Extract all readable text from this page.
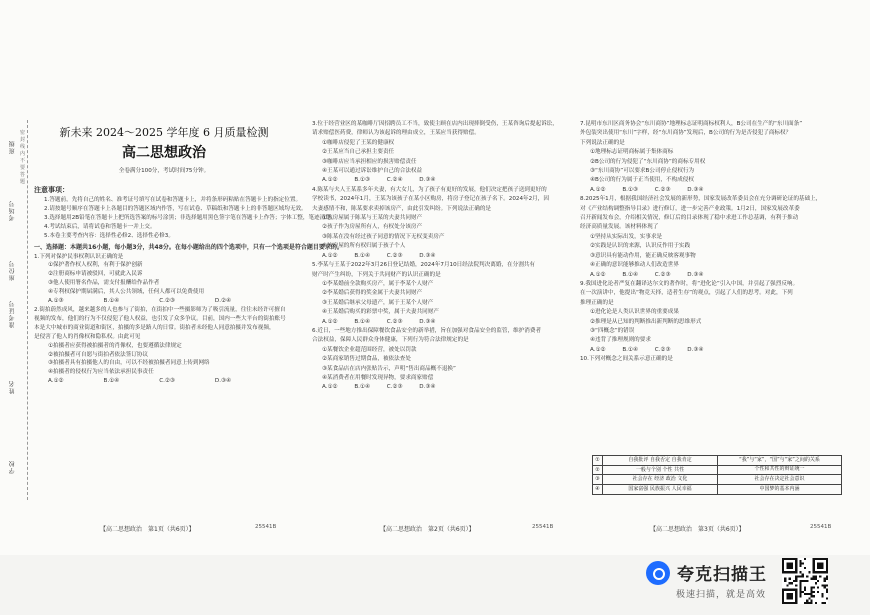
班级
考场号
座位号
准考证号
姓名
学校
密封线内不要答题
新未来 2024～2025 学年度 6 月质量检测
高二思想政治
全卷满分100分，考试时间75分钟。

注意事项：

1.答题前，先将自己的姓名、准考证号填写在试卷和答题卡上，并将条形码粘贴在答题卡上的指定位置。

2.请按题号顺序在答题卡上各题目的答题区域内作答，写在试卷、草稿纸和答题卡上的非答题区域均无效。

3.选择题用2B铅笔在答题卡上把所选答案的标号涂黑；非选择题用黑色签字笔在答题卡上作答；字体工整，笔迹清楚。

4.考试结束后，请将试卷和答题卡一并上交。

5.本卷主要考查内容：选择性必修2、选择性必修3。

一、选择题：本题共16小题，每小题3分，共48分。在每小题给出的四个选项中，只有一个选项是符合题目要求的。

1.下列对保护民事权利认识正确的是

①保护著作权人权利，有利于保护创新

②注册商标申请被驳回，可就此入民诉

③他人使用署名作品，需支付报酬给作品作者

④专利权保护期届满后，其人公共领域，任何人都可以免费使用

A.①③	B.①④	C.②③	D.②④

2.街拍蔚然成风，越来越多的人也参与了街拍，在街拍中一些摄影师为了吸引流量，往往未经许可擅自

视频的发布，他们的行为不仅侵犯了他人权益，也引发了众多争议。目前，国内一些大平台的街拍账号

本是大中城市的商业街道和街区，拍摄的多是路人的日常。街拍者未经他人同意拍摄并发布视频，

是侵害了他人的肖像权和隐私权。由此可见

①拍摄者应获得被拍摄者的肖像权，也要遵循法律规定

②被拍摄者可自愿与街拍者依法签订协议

③拍摄者具有拍摄他人的自由，可以不经被拍摄者同意上传到网络

④拍摄者的侵权行为应当依法承担民事责任

A.①②	B.①④	C.②③	D.③④

【高二思想政治　第1页（共6页）】	25541B

3.位于经营业区的某咖啡厅因招聘员工不当，致使主顾在店内出现摔倒受伤，王某咨询后提起诉讼，

请求赔偿医药费，律师认为该起诉的理由成立，王某应当获得赔偿。

①咖啡店侵犯了王某的健康权

②王某应当自己承担主要责任

③咖啡店应当承担相应的损害赔偿责任

④王某可以通过诉讼维护自己的合法权益

A.①②　　　B.①③　　　C.②④　　　D.③④

4.陈某与夫人王某系多年夫妻，有大女儿，为了孩子有更好的发展，他们决定把孩子送到更好的

学校读书，2024年1月，王某为该孩子在某小区购房，将房子登记在孩子名下。2024年2月，因

夫妻感情不和，陈某要求卖掉该房产，由此引发纠纷。下列说法正确的是

①该房屋属于陈某与王某的夫妻共同财产

②孩子作为房屋所有人，有权处分该房产

③陈某在没有经过孩子同意的情况下无权变卖房产

④该房屋的所有权归属于孩子个人

A.①②　　　B.①④　　　C.②③　　　D.③④

5.李某与王某于2022年3月26日登记结婚，2024年7月10日经法院判决离婚，在分割共有

财产时产生纠纷，下列关于共同财产的认识正确的是

①李某婚前全款购买房产，属于李某个人财产

②李某婚后获得的奖金属于夫妻共同财产

③王某婚后继承父母遗产，属于王某个人财产

④王某婚后购买的彩票中奖，属于夫妻共同财产

A.①②　　　B.①④　　　C.②③　　　D.③④

6.近日，一些地方推出保障餐饮食品安全的新举措，旨在加强对食品安全的监管，维护消费者

合法权益，保障人民群众身体健康，下列行为符合法律规定的是

①某餐饮企业超范围经营，被处以罚款

②某商家销售过期食品，被依法查处

③某食品店在店内张贴告示，声明“售出商品概不退换”

④某消费者在用餐时发现异物，要求商家赔偿

A.①②　　　B.①④　　　C.②③　　　D.③④

【高二思想政治　第2页（共6页）】	25541B

7.昆明市东川区商务协会“东川商协”地理标志证明商标权利人，B公司在生产的“东川面条”

外包装突出使用“东川”字样，经“东川商协”发现后，B公司的行为是否侵犯了商标权？

下列说法正确的是

①地理标志证明商标属于集体商标

②B公司的行为侵犯了“东川商协”的商标专用权

③“东川商协”可以要求B公司停止侵权行为

④B公司的行为属于正当使用，不构成侵权

A.①②　　　B.①③　　　C.②③　　　D.③④

8.2025年1月，根据我国经济社会发展的新形势，国家发展改革委员会在充分调研论证的基础上，

对《产业结构调整指导目录》进行修订，进一步完善产业政策。1月2日，国家发展改革委

召开新闻发布会，介绍相关情况，修订后的目录体现了稳中求进工作总基调，有利于推动

经济高质量发展。该材料体现了

①坚持从实际出发，实事求是

②实践是认识的来源，认识反作用于实践

③意识具有能动作用，能正确反映客观事物

④正确的意识能够推动人们改造世界

A.①②　　　B.①④　　　C.②③　　　D.③④

9.我国进化论者严复在翻译达尔文的著作时，将“进化论”引入中国，并引起了强烈反响。

在一次演讲中，他提出“物竞天择，适者生存”的观点，引起了人们的思考。对此，下列

推理正确的是

①进化论是人类认识世界的重要成果

②推理是从已知的判断推出新判断的思维形式

③“四概念”的错误

④违背了推理规则的要求

A.①②　　　B.①④　　　C.②③　　　D.③④

10.下列对概念之间关系示意正确的是

①	自我批评 自我否定 自我肯定	“我”与“家”，“国”与“家”之间的关系
②	一般与个别 个性 共性	个性和共性的辩证统一
③	社会存在 经济 政治 文化	社会存在决定社会意识
④	国家富强 民族振兴 人民幸福	中国梦的基本内涵
【高二思想政治　第3页（共6页）】	25541B
夸克扫描王
极速扫描，就是高效
